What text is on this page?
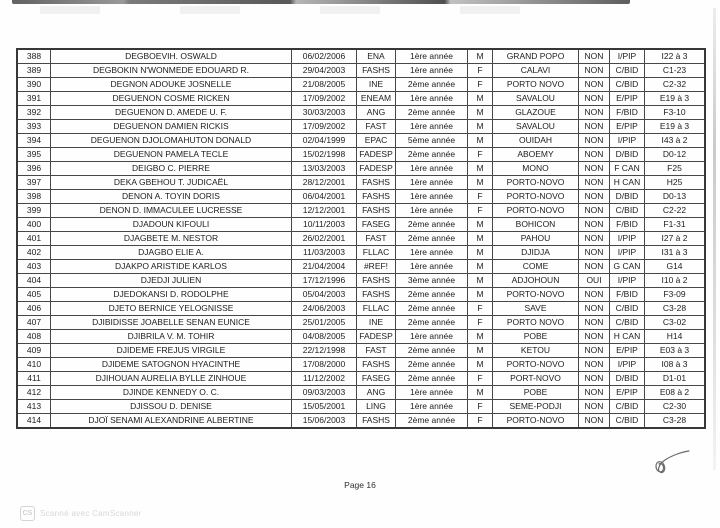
388	DEGBOEVIH. OSWALD	06/02/2006	ENA	1ère année	M	GRAND POPO	NON	I/PIP	I22 à 3
389	DEGBOKIN N'WONMEDE EDOUARD R.	29/04/2003	FASHS	1ère année	F	CALAVI	NON	C/BID	C1-23
390	DEGNON ADOUKE JOSNELLE	21/08/2005	INE	2ème année	F	PORTO NOVO	NON	C/BID	C2-32
391	DEGUENON COSME RICKEN	17/09/2002	ENEAM	1ère année	M	SAVALOU	NON	E/PIP	E19 à 3
392	DEGUENON D. AMEDE U. F.	30/03/2003	ANG	2ème année	M	GLAZOUE	NON	F/BID	F3-10
393	DEGUENON DAMIEN RICKIS	17/09/2002	FAST	1ère année	M	SAVALOU	NON	E/PIP	E19 à 3
394	DEGUENON DJOLOMAHUTON DONALD	02/04/1999	EPAC	5ème année	M	OUIDAH	NON	I/PIP	I43 à 2
395	DEGUENON PAMELA TECLE	15/02/1998	FADESP	2ème année	F	ABOEMY	NON	D/BID	D0-12
396	DEIGBO C. PIERRE	13/03/2003	FADESP	1ère année	M	MONO	NON	F CAN	F25
397	DEKA GBEHOU T. JUDICAËL	28/12/2001	FASHS	1ère année	M	PORTO-NOVO	NON	H CAN	H25
398	DENON A. TOYIN DORIS	06/04/2001	FASHS	1ère année	F	PORTO-NOVO	NON	D/BID	D0-13
399	DENON D. IMMACULEE LUCRESSE	12/12/2001	FASHS	1ère année	F	PORTO-NOVO	NON	C/BID	C2-22
400	DJADOUN KIFOULI	10/11/2003	FASEG	2ème année	M	BOHICON	NON	F/BID	F1-31
401	DJAGBETE M. NESTOR	26/02/2001	FAST	2ème année	M	PAHOU	NON	I/PIP	I27 à 2
402	DJAGBO ELIE A.	11/03/2003	FLLAC	1ère année	M	DJIDJA	NON	I/PIP	I31 à 3
403	DJAKPO ARISTIDE KARLOS	21/04/2004	#REF!	1ère année	M	COME	NON	G CAN	G14
404	DJEDJI JULIEN	17/12/1996	FASHS	3ème année	M	ADJOHOUN	OUI	I/PIP	I10 à 2
405	DJEDOKANSI D. RODOLPHE	05/04/2003	FASHS	2ème année	M	PORTO-NOVO	NON	F/BID	F3-09
406	DJETO BERNICE YELOGNISSE	24/06/2003	FLLAC	2ème année	F	SAVE	NON	C/BID	C3-28
407	DJIBIDISSE JOABELLE SENAN EUNICE	25/01/2005	INE	2ème année	F	PORTO NOVO	NON	C/BID	C3-02
408	DJIBRILA V. M. TOHIR	04/08/2005	FADESP	1ère année	M	POBE	NON	H CAN	H14
409	DJIDEME FREJUS VIRGILE	22/12/1998	FAST	2ème année	M	KETOU	NON	E/PIP	E03 à 3
410	DJIDEME SATOGNON HYACINTHE	17/08/2000	FASHS	2ème année	M	PORTO-NOVO	NON	I/PIP	I08 à 3
411	DJIHOUAN AURELIA BYLLE ZINHOUE	11/12/2002	FASEG	2ème année	F	PORT-NOVO	NON	D/BID	D1-01
412	DJINDE KENNEDY O. C.	09/03/2003	ANG	1ère année	M	POBE	NON	E/PIP	E08 à 2
413	DJISSOU D. DENISE	15/05/2001	LING	1ère année	F	SEME-PODJI	NON	C/BID	C2-30
414	DJOÏ SENAMI ALEXANDRINE ALBERTINE	15/06/2003	FASHS	2ème année	F	PORTO-NOVO	NON	C/BID	C3-28
Page 16
CS Scanné avec CamScanner
